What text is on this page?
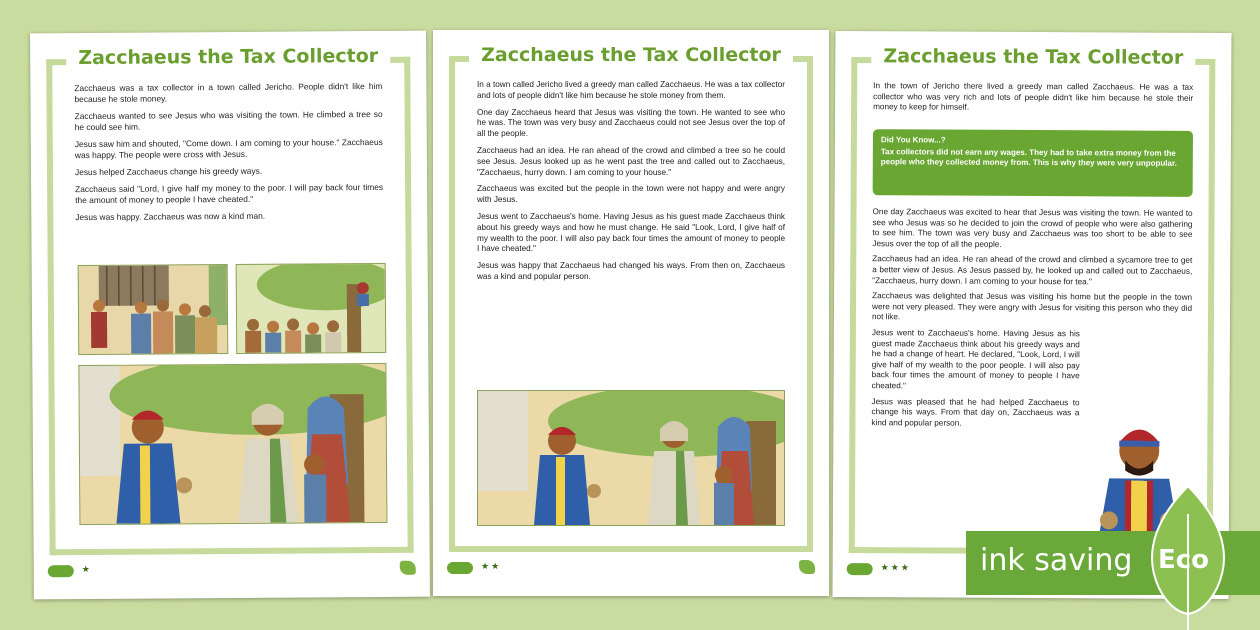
Zacchaeus the Tax Collector

Zacchaeus was a tax collector in a town called Jericho. People didn't like him because he stole money.

Zacchaeus wanted to see Jesus who was visiting the town. He climbed a tree so he could see him.

Jesus saw him and shouted, "Come down. I am coming to your house." Zacchaeus was happy. The people were cross with Jesus.

Jesus helped Zacchaeus change his greedy ways.

Zacchaeus said "Lord, I give half my money to the poor. I will pay back four times the amount of money to people I have cheated."

Jesus was happy. Zacchaeus was now a kind man.

★
Zacchaeus the Tax Collector

In a town called Jericho lived a greedy man called Zacchaeus. He was a tax collector and lots of people didn't like him because he stole money from them.

One day Zacchaeus heard that Jesus was visiting the town. He wanted to see who he was. The town was very busy and Zacchaeus could not see Jesus over the top of all the people.

Zacchaeus had an idea. He ran ahead of the crowd and climbed a tree so he could see Jesus. Jesus looked up as he went past the tree and called out to Zacchaeus, "Zacchaeus, hurry down. I am coming to your house."

Zacchaeus was excited but the people in the town were not happy and were angry with Jesus.

Jesus went to Zacchaeus's home. Having Jesus as his guest made Zacchaeus think about his greedy ways and how he must change. He said "Look, Lord, I give half of my wealth to the poor. I will also pay back four times the amount of money to people I have cheated."

Jesus was happy that Zacchaeus had changed his ways. From then on, Zacchaeus was a kind and popular person.

★★
Zacchaeus the Tax Collector

In the town of Jericho there lived a greedy man called Zacchaeus. He was a tax collector who was very rich and lots of people didn't like him because he stole their money to keep for himself.

Did You Know...?
Tax collectors did not earn any wages. They had to take extra money from the people who they collected money from. This is why they were very unpopular.

One day Zacchaeus was excited to hear that Jesus was visiting the town. He wanted to see who Jesus was so he decided to join the crowd of people who were also gathering to see him. The town was very busy and Zacchaeus was too short to be able to see Jesus over the top of all the people.

Zacchaeus had an idea. He ran ahead of the crowd and climbed a sycamore tree to get a better view of Jesus. As Jesus passed by, he looked up and called out to Zacchaeus, "Zacchaeus, hurry down. I am coming to your house for tea."

Zacchaeus was delighted that Jesus was visiting his home but the people in the town were not very pleased. They were angry with Jesus for visiting this person who they did not like.

Jesus went to Zacchaeus's home. Having Jesus as his guest made Zacchaeus think about his greedy ways and he had a change of heart. He declared, "Look, Lord, I will give half of my wealth to the poor people. I will also pay back four times the amount of money to people I have cheated."

Jesus was pleased that he had helped Zacchaeus to change his ways. From that day on, Zacchaeus was a kind and popular person.

★★★ ink saving Eco
